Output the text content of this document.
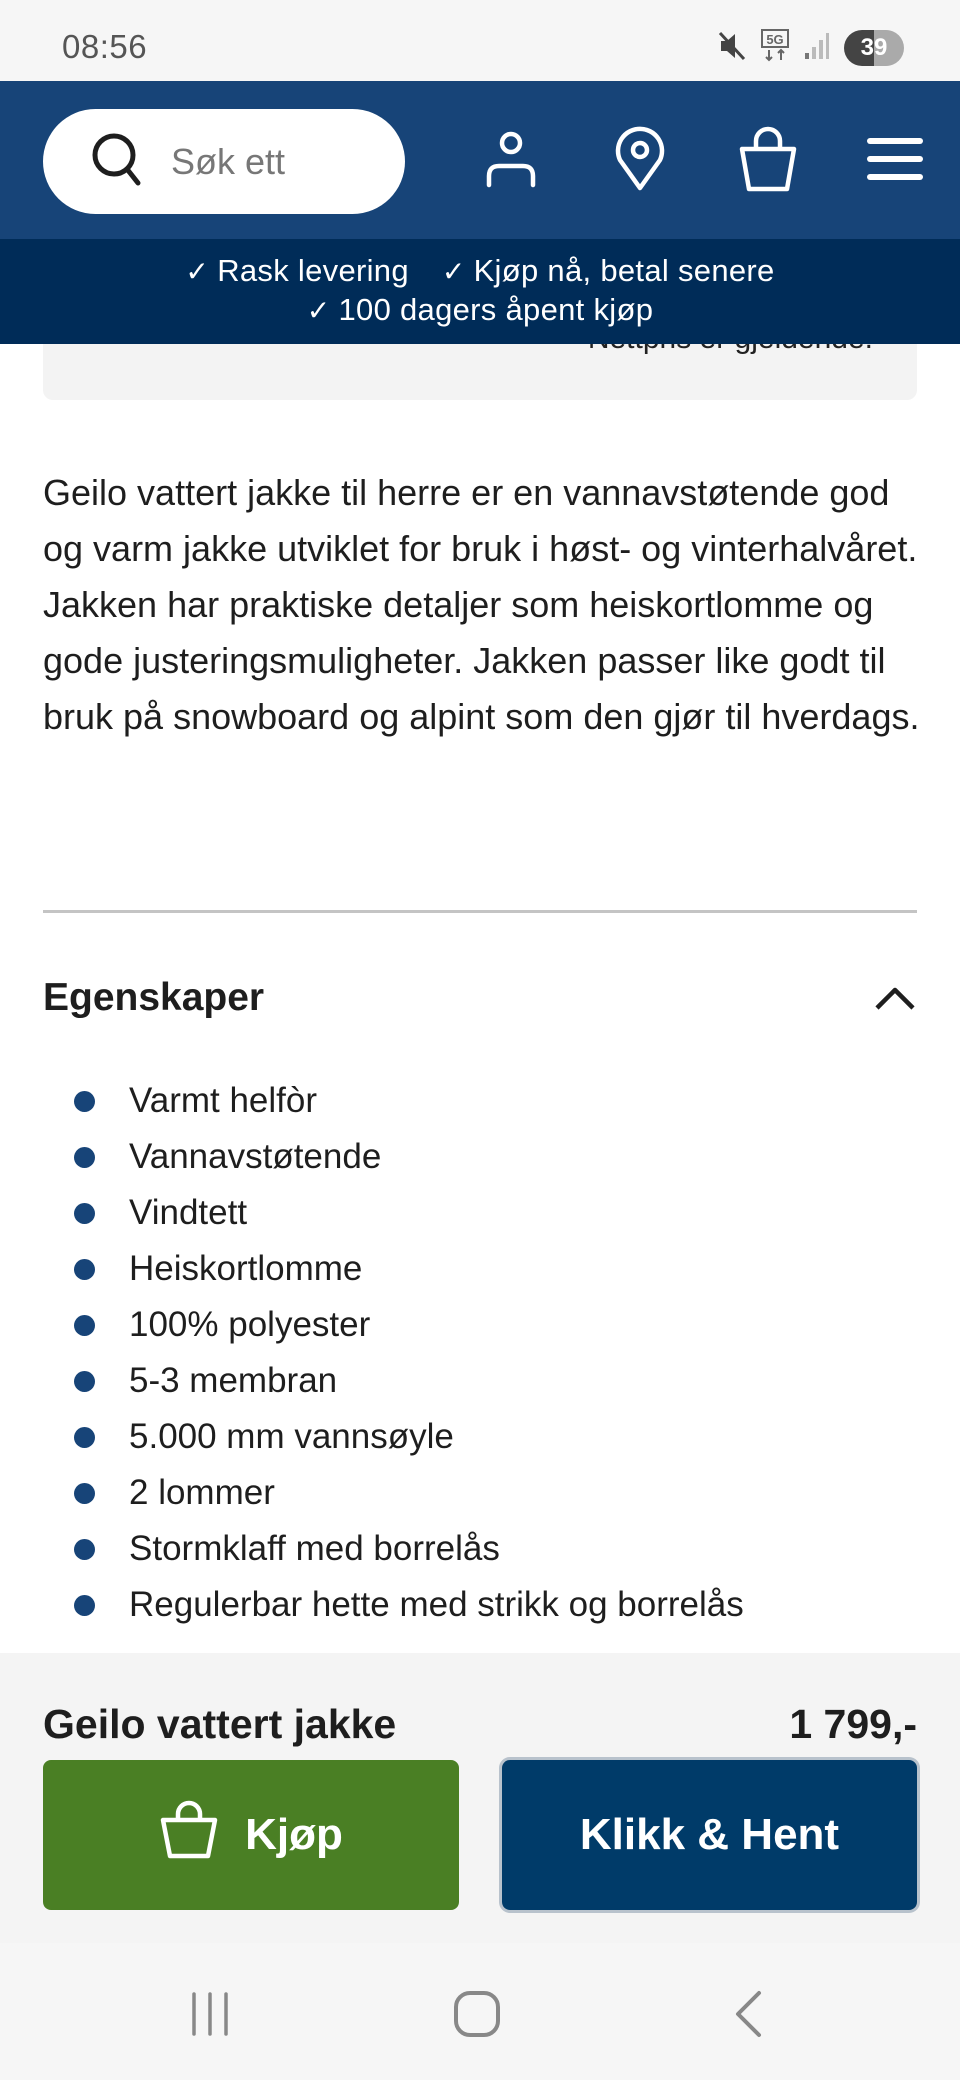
08:56	5G	39
Søk ett
✓ Rask levering ✓ Kjøp nå, betal senere
✓ 100 dagers åpent kjøp

Geilo vattert jakke til herre er en vannavstøtende god og varm jakke utviklet for bruk i høst- og vinterhalvåret. Jakken har praktiske detaljer som heiskortlomme og gode justeringsmuligheter. Jakken passer like godt til bruk på snowboard og alpint som den gjør til hverdags.

Egenskaper
Varmt helfòr
Vannavstøtende
Vindtett
Heiskortlomme
100% polyester
5-3 membran
5.000 mm vannsøyle
2 lommer
Stormklaff med borrelås
Regulerbar hette med strikk og borrelås
Geilo vattert jakke	1 799,-
Kjøp	Klikk & Hent
